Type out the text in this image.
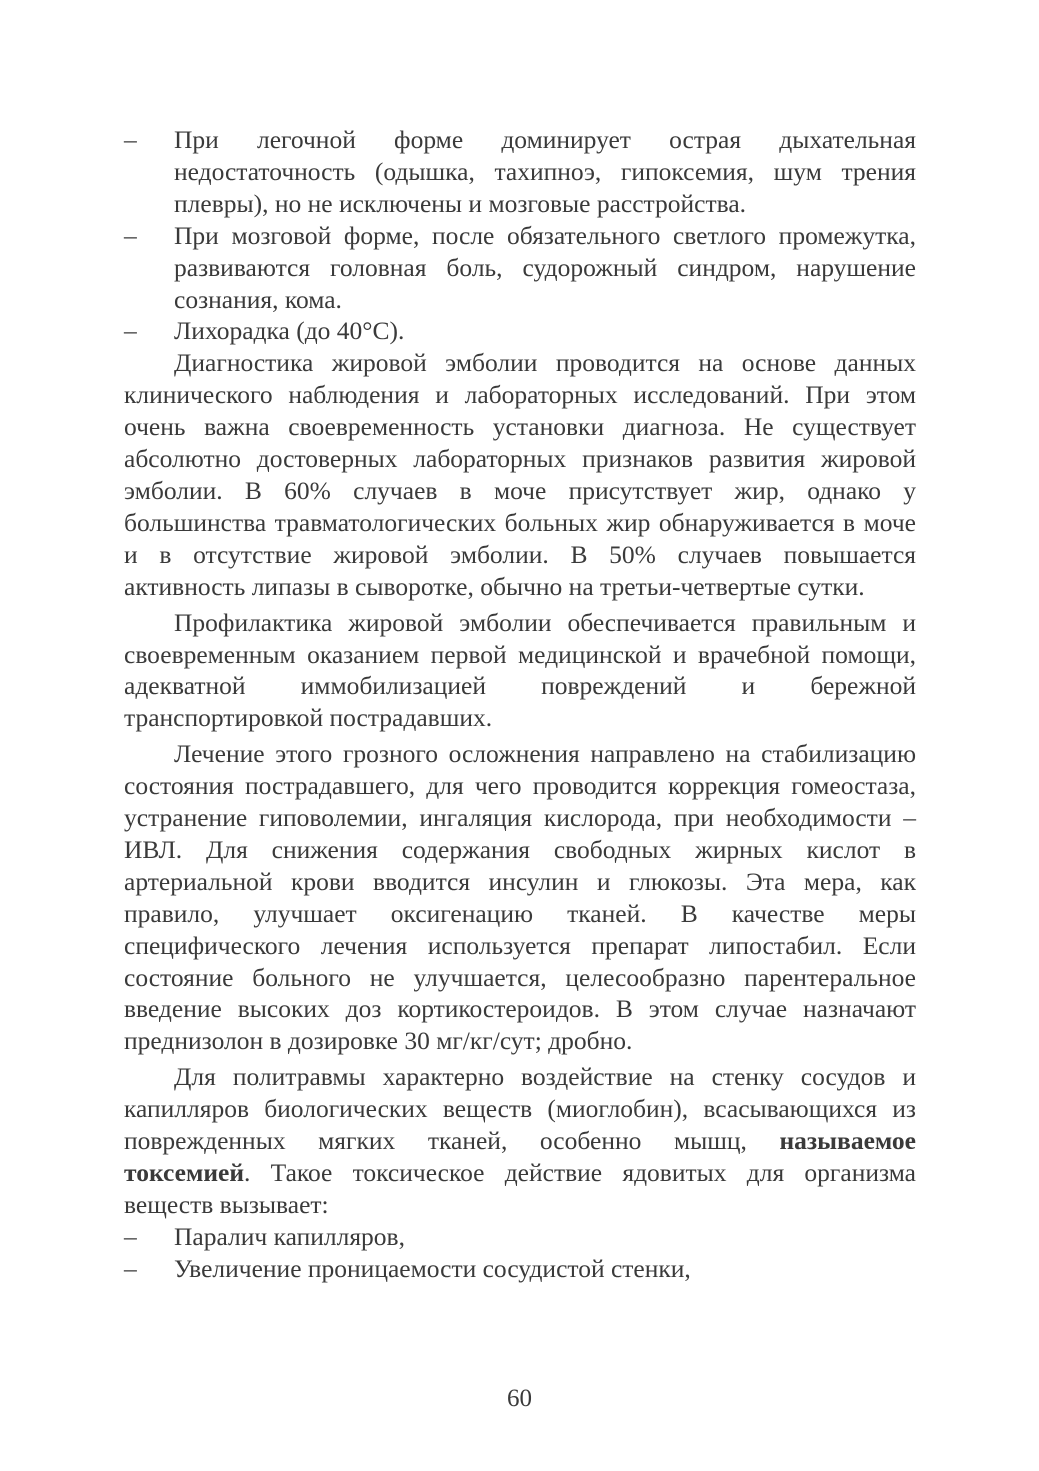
– При легочной форме доминирует острая дыхательная недостаточность (одышка, тахипноэ, гипоксемия, шум трения плевры), но не исключены и мозговые расстройства.

– При мозговой форме, после обязательного светлого промежутка, развиваются головная боль, судорожный синдром, нарушение сознания, кома.

– Лихорадка (до 40°С).

Диагностика жировой эмболии проводится на основе данных клинического наблюдения и лабораторных исследований. При этом очень важна своевременность установки диагноза. Не существует абсолютно достоверных лабораторных признаков развития жировой эмболии. В 60% случаев в моче присутствует жир, однако у большинства травматологических больных жир обнаруживается в моче и в отсутствие жировой эмболии. В 50% случаев повышается активность липазы в сыворотке, обычно на третьи-четвертые сутки.

Профилактика жировой эмболии обеспечивается правильным и своевременным оказанием первой медицинской и врачебной помощи, адекватной иммобилизацией повреждений и бережной транспортировкой пострадавших.

Лечение этого грозного осложнения направлено на стабилизацию состояния пострадавшего, для чего проводится коррекция гомеостаза, устранение гиповолемии, ингаляция кислорода, при необходимости – ИВЛ. Для снижения содержания свободных жирных кислот в артериальной крови вводится инсулин и глюкозы. Эта мера, как правило, улучшает оксигенацию тканей. В качестве меры специфического лечения используется препарат липостабил. Если состояние больного не улучшается, целесообразно парентеральное введение высоких доз кортикостероидов. В этом случае назначают преднизолон в дозировке 30 мг/кг/сут; дробно.

Для политравмы характерно воздействие на стенку сосудов и капилляров биологических веществ (миоглобин), всасывающихся из поврежденных мягких тканей, особенно мышц, называемое токсемией. Такое токсическое действие ядовитых для организма веществ вызывает:

– Паралич капилляров,

– Увеличение проницаемости сосудистой стенки,

60
